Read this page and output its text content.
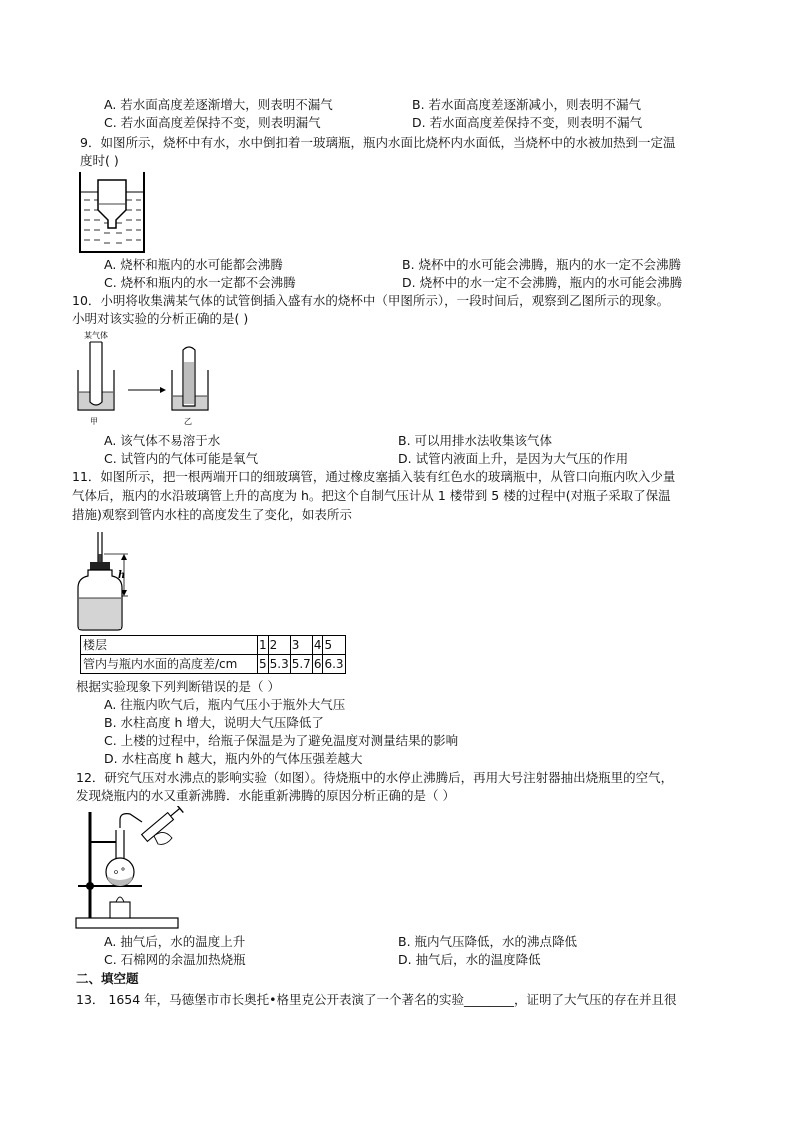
A. 若水面高度差逐渐增大，则表明不漏气	B. 若水面高度差逐渐减小，则表明不漏气
C. 若水面高度差保持不变，则表明漏气	D. 若水面高度差保持不变，则表明不漏气
9．如图所示，烧杯中有水，水中倒扣着一玻璃瓶，瓶内水面比烧杯内水面低，当烧杯中的水被加热到一定温
度时( )
A. 烧杯和瓶内的水可能都会沸腾	B. 烧杯中的水可能会沸腾，瓶内的水一定不会沸腾
C. 烧杯和瓶内的水一定都不会沸腾	D. 烧杯中的水一定不会沸腾，瓶内的水可能会沸腾
10．小明将收集满某气体的试管倒插入盛有水的烧杯中（甲图所示），一段时间后，观察到乙图所示的现象。
小明对该实验的分析正确的是( )
某气体
甲	乙
A. 该气体不易溶于水	B. 可以用排水法收集该气体
C. 试管内的气体可能是氧气	D. 试管内液面上升，是因为大气压的作用
11．如图所示，把一根两端开口的细玻璃管，通过橡皮塞插入装有红色水的玻璃瓶中，从管口向瓶内吹入少量
气体后，瓶内的水沿玻璃管上升的高度为 h。把这个自制气压计从 1 楼带到 5 楼的过程中(对瓶子采取了保温
措施)观察到管内水柱的高度发生了变化，如表所示
h
楼层	1	2	3	4	5
管内与瓶内水面的高度差/cm	5	5.3	5.7	6	6.3
根据实验现象下列判断错误的是（ ）
A. 往瓶内吹气后，瓶内气压小于瓶外大气压
B. 水柱高度 h 增大，说明大气压降低了
C. 上楼的过程中，给瓶子保温是为了避免温度对测量结果的影响
D. 水柱高度 h 越大，瓶内外的气体压强差越大
12．研究气压对水沸点的影响实验（如图）。待烧瓶中的水停止沸腾后，再用大号注射器抽出烧瓶里的空气，
发现烧瓶内的水又重新沸腾．水能重新沸腾的原因分析正确的是（ ）
A. 抽气后，水的温度上升	B. 瓶内气压降低，水的沸点降低
C. 石棉网的余温加热烧瓶	D. 抽气后，水的温度降低
二、填空题
13． 1654 年，马德堡市市长奥托•格里克公开表演了一个著名的实验________，证明了大气压的存在并且很
